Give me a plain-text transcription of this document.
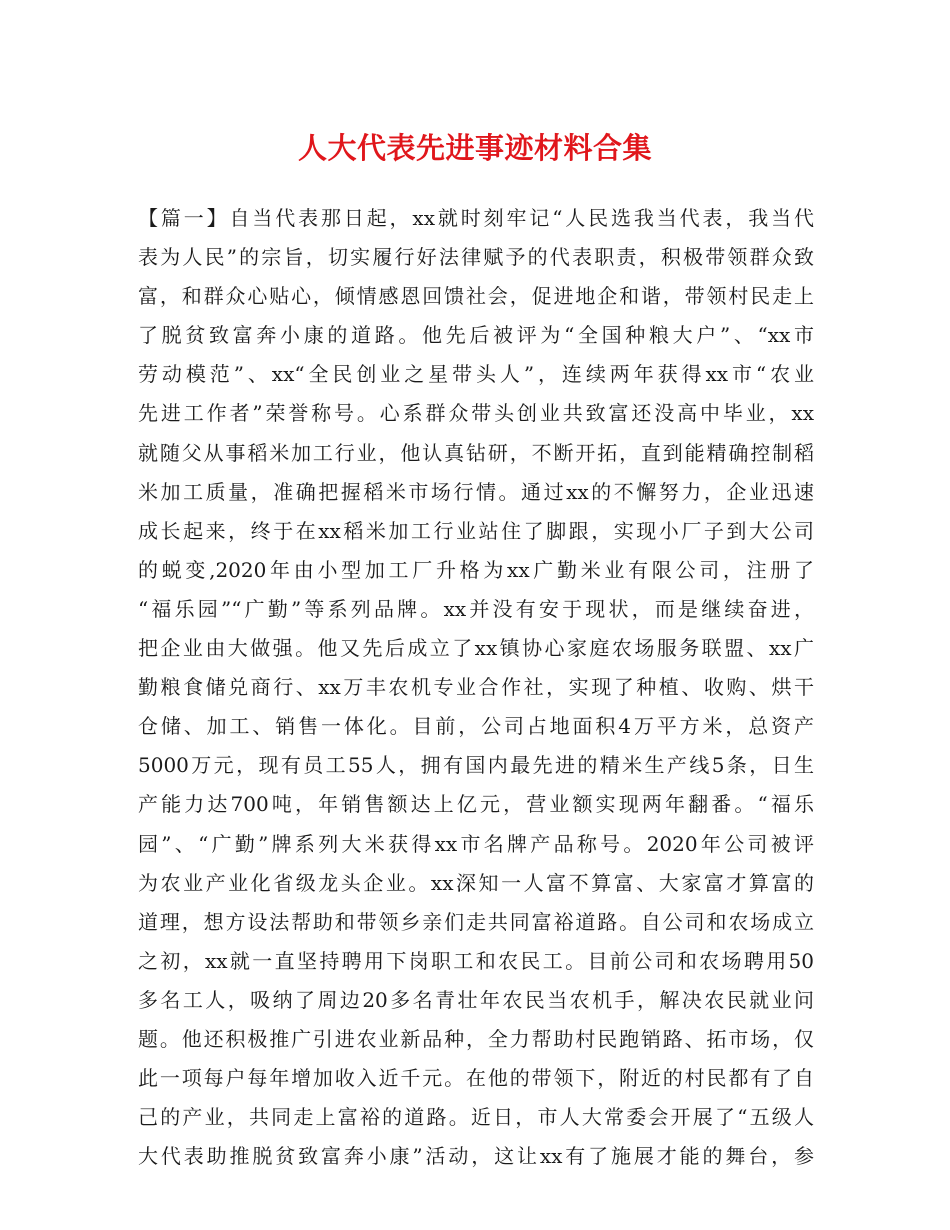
人大代表先进事迹材料合集
【篇一】自当代表那日起，xx就时刻牢记“人民选我当代表，我当代
表为人民”的宗旨，切实履行好法律赋予的代表职责，积极带领群众致
富，和群众心贴心，倾情感恩回馈社会，促进地企和谐，带领村民走上
了脱贫致富奔小康的道路。他先后被评为“全国种粮大户”、“xx市
劳动模范”、xx“全民创业之星带头人”，连续两年获得xx市“农业
先进工作者”荣誉称号。心系群众带头创业共致富还没高中毕业，xx
就随父从事稻米加工行业，他认真钻研，不断开拓，直到能精确控制稻
米加工质量，准确把握稻米市场行情。通过xx的不懈努力，企业迅速
成长起来，终于在xx稻米加工行业站住了脚跟，实现小厂子到大公司
的蜕变,2020年由小型加工厂升格为xx广勤米业有限公司，注册了
“福乐园”“广勤”等系列品牌。xx并没有安于现状，而是继续奋进，
把企业由大做强。他又先后成立了xx镇协心家庭农场服务联盟、xx广
勤粮食储兑商行、xx万丰农机专业合作社，实现了种植、收购、烘干
仓储、加工、销售一体化。目前，公司占地面积4万平方米，总资产
5000万元，现有员工55人，拥有国内最先进的精米生产线5条，日生
产能力达700吨，年销售额达上亿元，营业额实现两年翻番。“福乐
园”、“广勤”牌系列大米获得xx市名牌产品称号。2020年公司被评
为农业产业化省级龙头企业。xx深知一人富不算富、大家富才算富的
道理，想方设法帮助和带领乡亲们走共同富裕道路。自公司和农场成立
之初，xx就一直坚持聘用下岗职工和农民工。目前公司和农场聘用50
多名工人，吸纳了周边20多名青壮年农民当农机手，解决农民就业问
题。他还积极推广引进农业新品种，全力帮助村民跑销路、拓市场，仅
此一项每户每年增加收入近千元。在他的带领下，附近的村民都有了自
己的产业，共同走上富裕的道路。近日，市人大常委会开展了“五级人
大代表助推脱贫致富奔小康”活动，这让xx有了施展才能的舞台，参
